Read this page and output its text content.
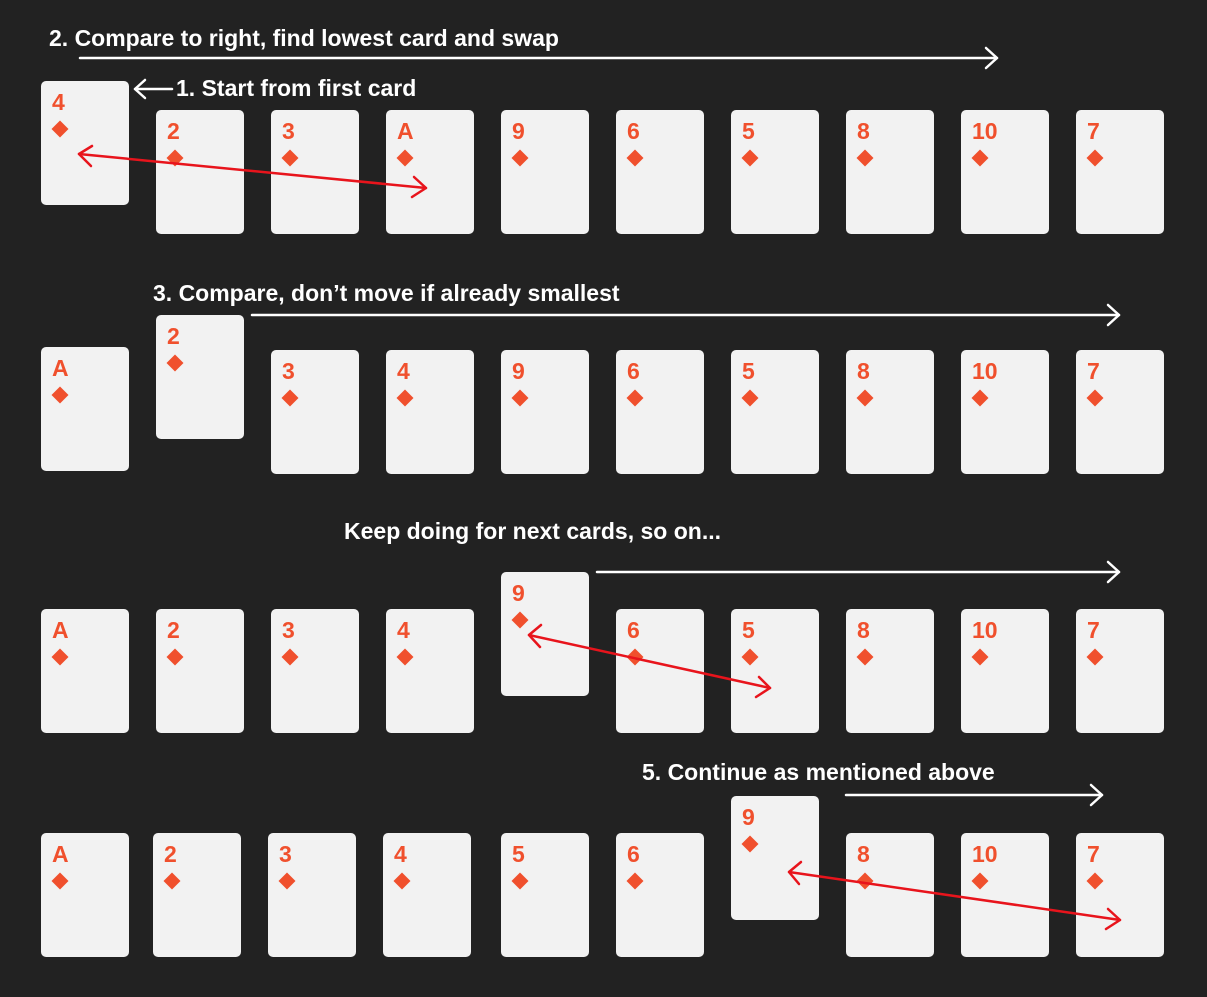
2. Compare to right, find lowest card and swap
1. Start from first card
3. Compare, don’t move if already smallest
Keep doing for next cards, so on...
5. Continue as mentioned above
4
2	3	A	9	6	5	8	10	7
A
2
3	4	9	6	5	8	10	7
A	2	3	4
9
6	5	8	10	7
A	2	3	4	5	6
9
8	10	7
